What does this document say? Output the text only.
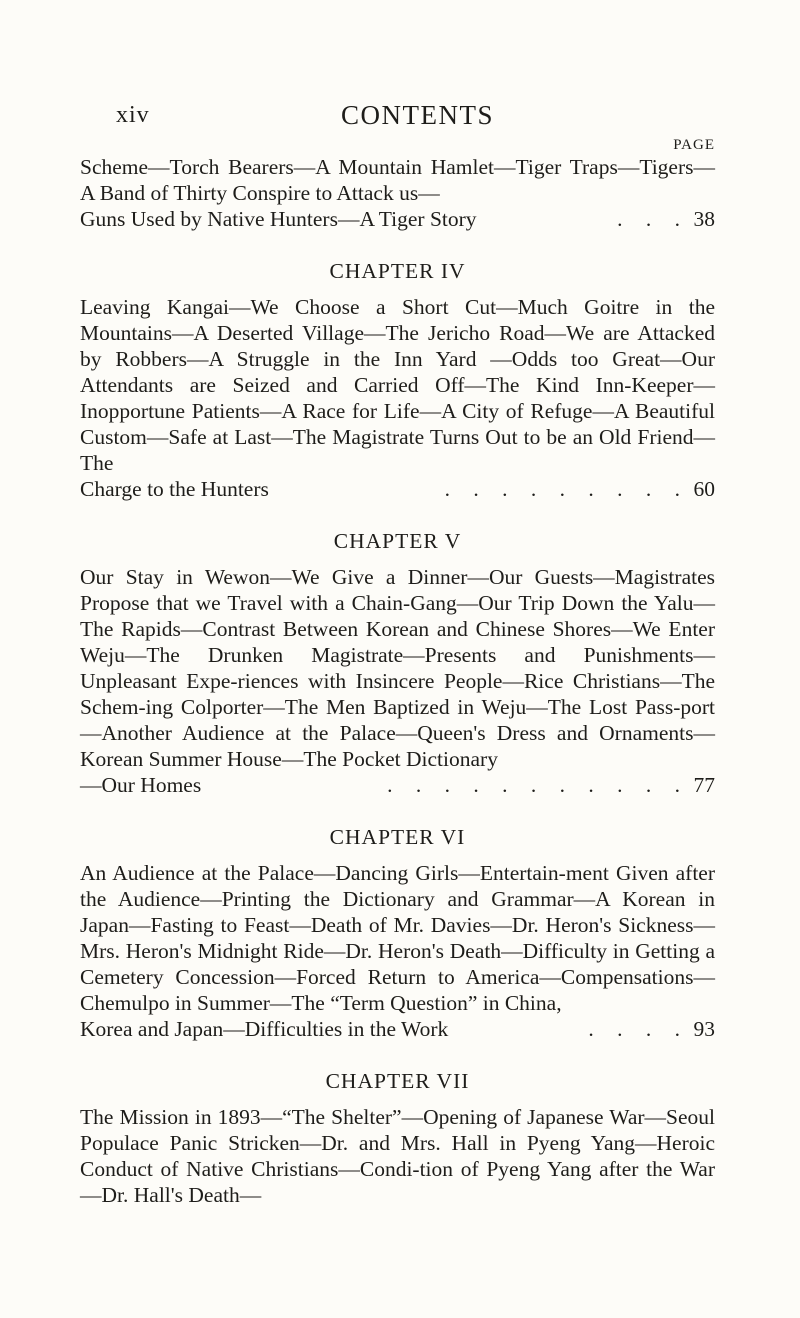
xiv	CONTENTS
PAGE
Scheme—Torch Bearers—A Mountain Hamlet—Tiger Traps—Tigers—A Band of Thirty Conspire to Attack us—
Guns Used by Native Hunters—A Tiger Story	. . . 38
CHAPTER IV
Leaving Kangai—We Choose a Short Cut—Much Goitre in the Mountains—A Deserted Village—The Jericho Road—We are Attacked by Robbers—A Struggle in the Inn Yard —Odds too Great—Our Attendants are Seized and Carried Off—The Kind Inn-Keeper—Inopportune Patients—A Race for Life—A City of Refuge—A Beautiful Custom—Safe at Last—The Magistrate Turns Out to be an Old Friend—The
Charge to the Hunters	. . . . . . . . . 60
CHAPTER V
Our Stay in Wewon—We Give a Dinner—Our Guests—Magistrates Propose that we Travel with a Chain-Gang—Our Trip Down the Yalu—The Rapids—Contrast Between Korean and Chinese Shores—We Enter Weju—The Drunken Magistrate—Presents and Punishments—Unpleasant Expe-riences with Insincere People—Rice Christians—The Schem-ing Colporter—The Men Baptized in Weju—The Lost Pass-port—Another Audience at the Palace—Queen's Dress and Ornaments—Korean Summer House—The Pocket Dictionary
—Our Homes	. . . . . . . . . . . 77
CHAPTER VI
An Audience at the Palace—Dancing Girls—Entertain-ment Given after the Audience—Printing the Dictionary and Grammar—A Korean in Japan—Fasting to Feast—Death of Mr. Davies—Dr. Heron's Sickness—Mrs. Heron's Midnight Ride—Dr. Heron's Death—Difficulty in Getting a Cemetery Concession—Forced Return to America—Compensations—Chemulpo in Summer—The “Term Question” in China,
Korea and Japan—Difficulties in the Work	. . . . 93
CHAPTER VII
The Mission in 1893—“The Shelter”—Opening of Japanese War—Seoul Populace Panic Stricken—Dr. and Mrs. Hall in Pyeng Yang—Heroic Conduct of Native Christians—Condi-tion of Pyeng Yang after the War—Dr. Hall's Death—
